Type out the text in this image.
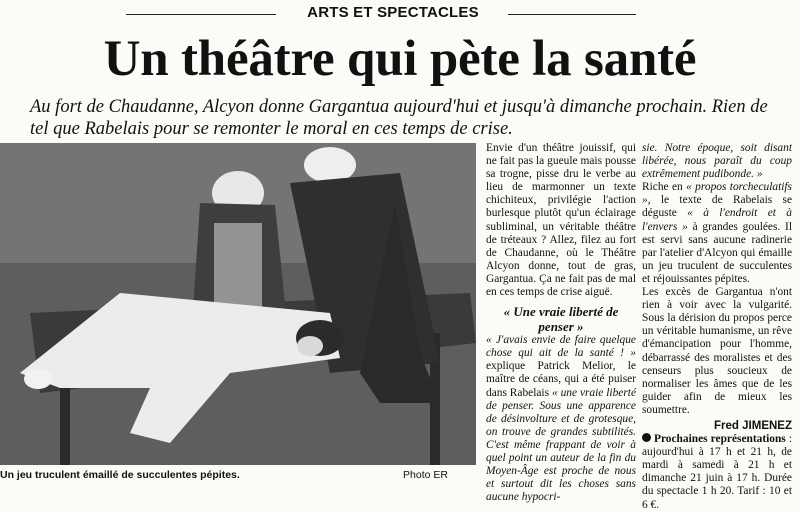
ARTS ET SPECTACLES
Un théâtre qui pète la santé

Au fort de Chaudanne, Alcyon donne Gargantua aujourd'hui et jusqu'à dimanche prochain. Rien de tel que Rabelais pour se remonter le moral en ces temps de crise.

Un jeu truculent émaillé de succulentes pépites.	Photo ER

Envie d'un théâtre jouissif, qui ne fait pas la gueule mais pousse sa trogne, pisse dru le verbe au lieu de marmonner un texte chichiteux, privilégie l'action burlesque plutôt qu'un éclairage subliminal, un véritable théâtre de tréteaux ? Allez, filez au fort de Chaudanne, où le Théâtre Alcyon donne, tout de gras, Gargantua. Ça ne fait pas de mal en ces temps de crise aiguë.

« Une vraie liberté de penser »

« J'avais envie de faire quelque chose qui ait de la santé ! » explique Patrick Melior, le maître de céans, qui a été puiser dans Rabelais « une vraie liberté de penser. Sous une apparence de désinvolture et de grotesque, on trouve de grandes subtilités. C'est même frappant de voir à quel point un auteur de la fin du Moyen-Âge est proche de nous et surtout dit les choses sans aucune hypocri-

sie. Notre époque, soit disant libérée, nous paraît du coup extrêmement pudibonde. »

Riche en « propos torcheculatifs », le texte de Rabelais se déguste « à l'endroit et à l'envers » à grandes goulées. Il est servi sans aucune radinerie par l'atelier d'Alcyon qui émaille un jeu truculent de succulentes et réjouissantes pépites.

Les excès de Gargantua n'ont rien à voir avec la vulgarité. Sous la dérision du propos perce un véritable humanisme, un rêve d'émancipation pour l'homme, débarrassé des moralistes et des censeurs plus soucieux de normaliser les âmes que de les guider afin de mieux les soumettre.

Fred JIMENEZ

Prochaines représentations : aujourd'hui à 17 h et 21 h, de mardi à samedi à 21 h et dimanche 21 juin à 17 h. Durée du spectacle 1 h 20. Tarif : 10 et 6 €.
